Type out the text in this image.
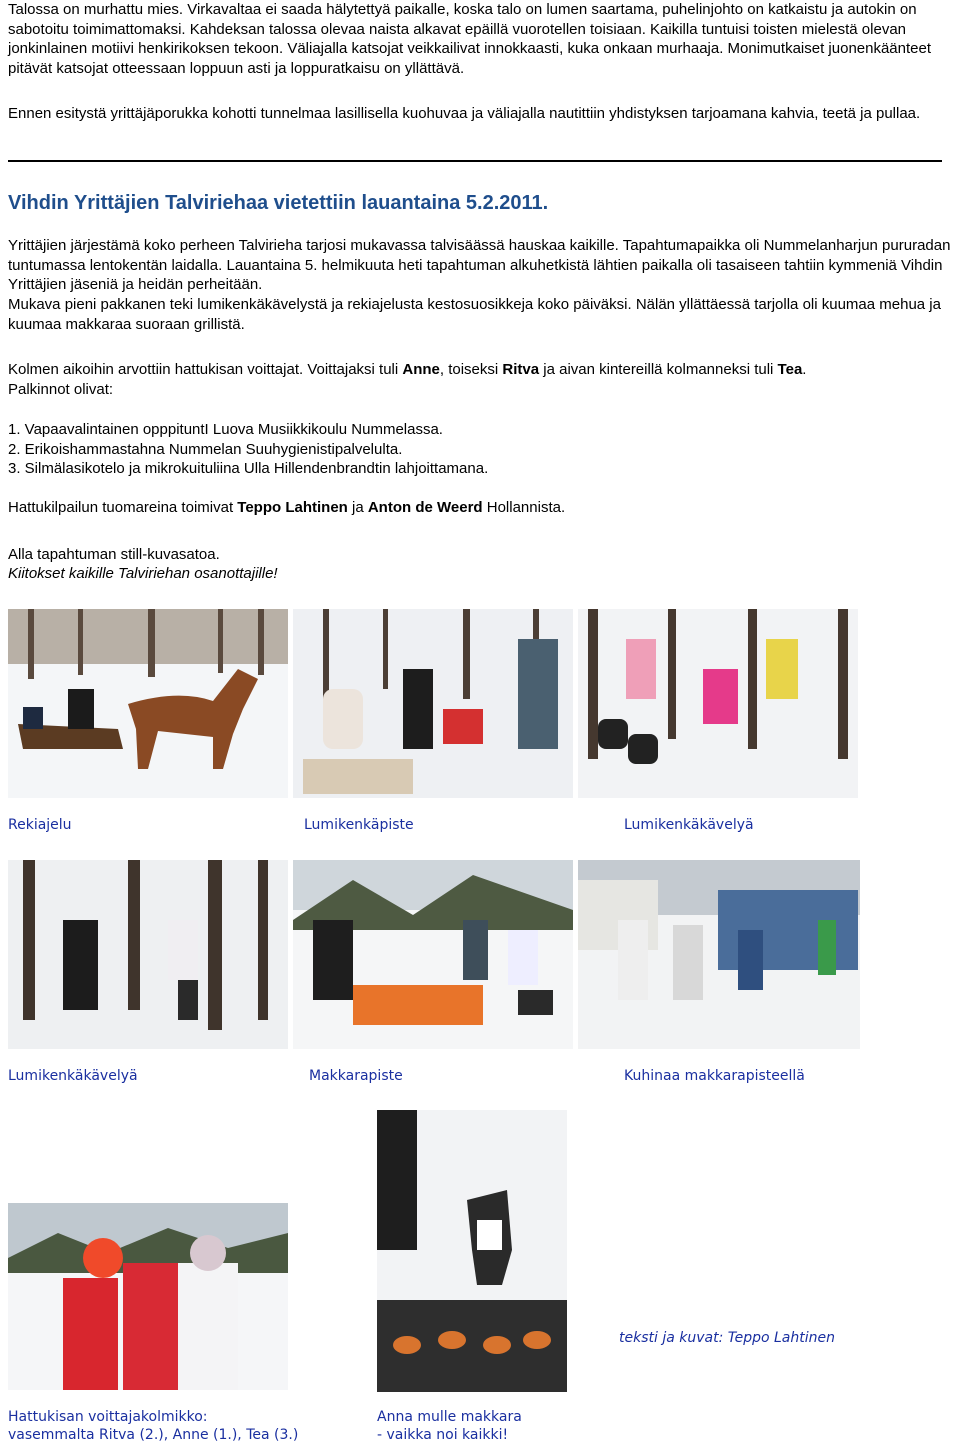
Talossa on murhattu mies. Virkavaltaa ei saada hälytettyä paikalle, koska talo on lumen saartama, puhelinjohto on katkaistu ja autokin on sabotoitu toimimattomaksi. Kahdeksan talossa olevaa naista alkavat epäillä vuorotellen toisiaan. Kaikilla tuntuisi toisten mielestä olevan jonkinlainen motiivi henkirikoksen tekoon. Väliajalla katsojat veikkailivat innokkaasti, kuka onkaan murhaaja. Monimutkaiset juonenkäänteet pitävät katsojat otteessaan loppuun asti ja loppuratkaisu on yllättävä.

Ennen esitystä yrittäjäporukka kohotti tunnelmaa lasillisella kuohuvaa ja väliajalla nautittiin yhdistyksen tarjoamana kahvia, teetä ja pullaa.

Vihdin Yrittäjien Talviriehaa vietettiin lauantaina 5.2.2011.

Yrittäjien järjestämä koko perheen Talvirieha tarjosi mukavassa talvisäässä hauskaa kaikille. Tapahtumapaikka oli Nummelanharjun pururadan tuntumassa lentokentän laidalla. Lauantaina 5. helmikuuta heti tapahtuman alkuhetkistä lähtien paikalla oli tasaiseen tahtiin kymmeniä Vihdin Yrittäjien jäseniä ja heidän perheitään.

Mukava pieni pakkanen teki lumikenkäkävelystä ja rekiajelusta kestosuosikkeja koko päiväksi. Nälän yllättäessä tarjolla oli kuumaa mehua ja kuumaa makkaraa suoraan grillistä.

Kolmen aikoihin arvottiin hattukisan voittajat. Voittajaksi tuli Anne, toiseksi Ritva ja aivan kintereillä kolmanneksi tuli Tea.
Palkinnot olivat:

1. Vapaavalintainen opppituntI Luova Musiikkikoulu Nummelassa.

2. Erikoishammastahna Nummelan Suuhygienistipalvelulta.

3. Silmälasikotelo ja mikrokuituliina Ulla Hillendenbrandtin lahjoittamana.

Hattukilpailun tuomareina toimivat Teppo Lahtinen ja Anton de Weerd Hollannista.

Alla tapahtuman still-kuvasatoa.

Kiitokset kaikille Talviriehan osanottajille!

Rekiajelu	Lumikenkäpiste	Lumikenkäkävelyä
Lumikenkäkävelyä	Makkarapiste	Kuhinaa makkarapisteellä
teksti ja kuvat: Teppo Lahtinen
Hattukisan voittajakolmikko:
vasemmalta Ritva (2.), Anne (1.), Tea (3.)
Anna mulle makkara
- vaikka noi kaikki!
